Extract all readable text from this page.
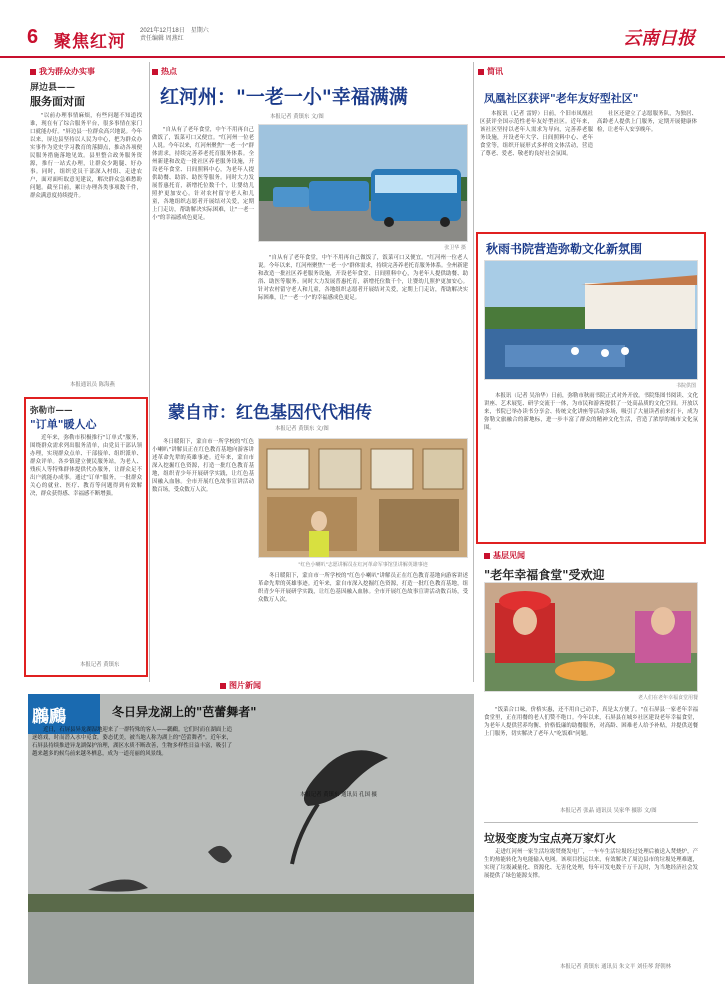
6 聚焦红河
2021年12月18日　星期六
责任编辑 周燕红	云南日报
我为群众办实事
屏边县——
服务面对面
"以前办理事情麻烦，有些问题不知道找谁，现在有了综合服务平台，很多事情在家门口就能办好。"屏边县一位群众高兴地说。今年以来，屏边县坚持以人民为中心，把为群众办实事作为党史学习教育的落脚点，推动各项便民服务措施落地见效。县里整合政务服务资源，推行一站式办理，让群众少跑腿、好办事。同时，组织党员干部深入村组、走进农户，面对面听取意见建议，解决群众急难愁盼问题。截至目前，累计办理各类事项数千件，群众满意度持续提升。
本报通讯员 陈海燕
弥勒市——
"订单"暖人心
近年来，弥勒市积极推行"订单式"服务，围绕群众需求列出服务清单，由党员干部认领办理，实现群众点单、干部接单、组织派单、群众评单。各乡镇建立便民服务站，为老人、残疾人等特殊群体提供代办服务，让群众足不出户就能办成事。通过"订单"服务，一批群众关心的就业、医疗、教育等问题得到有效解决，群众获得感、幸福感不断增强。
本报记者 黄镇东
热点
红河州："一老一小"幸福满满
本报记者 黄镇东 文/图
"自从有了老年食堂，中午不用再自己做饭了，饭菜可口又便宜。"红河州一位老人说。今年以来，红河州聚焦"一老一小"群体需求，持续完善养老托育服务体系。全州新建和改造一批社区养老服务设施，开设老年食堂、日间照料中心，为老年人提供助餐、助浴、助医等服务。同时大力发展普惠托育，新增托位数千个，让婴幼儿照护更加安心。针对农村留守老人和儿童，各地组织志愿者开展结对关爱，定期上门走访，帮助解决实际困难，让"一老一小"的幸福感成色更足。
张卫华 摄
"自从有了老年食堂，中午不用再自己做饭了，饭菜可口又便宜。"红河州一位老人说。今年以来，红河州聚焦"一老一小"群体需求，持续完善养老托育服务体系。全州新建和改造一批社区养老服务设施，开设老年食堂、日间照料中心，为老年人提供助餐、助浴、助医等服务。同时大力发展普惠托育，新增托位数千个，让婴幼儿照护更加安心。针对农村留守老人和儿童，各地组织志愿者开展结对关爱，定期上门走访，帮助解决实际困难，让"一老一小"的幸福感成色更足。
蒙自市：红色基因代代相传
本报记者 黄镇东 文/图
冬日暖阳下，蒙自市一所学校的"红色小喇叭"讲解员正在红色教育基地向游客讲述革命先辈的英雄事迹。近年来，蒙自市深入挖掘红色资源，打造一批红色教育基地，组织青少年开展研学实践，让红色基因融入血脉。全市开展红色故事宣讲活动数百场，受众数万人次。
"红色小喇叭"志愿讲解员在红河革命军事馆里讲解英雄事迹
冬日暖阳下，蒙自市一所学校的"红色小喇叭"讲解员正在红色教育基地向游客讲述革命先辈的英雄事迹。近年来，蒙自市深入挖掘红色资源，打造一批红色教育基地，组织青少年开展研学实践，让红色基因融入血脉。全市开展红色故事宣讲活动数百场，受众数万人次。
简讯
凤凰社区获评"老年友好型社区"
本报讯（记者 雷婷）日前，个旧市凤凰社区获评全国示范性老年友好型社区。近年来，该社区坚持以老年人需求为导向，完善养老服务设施，开设老年大学、日间照料中心、老年食堂等，组织开展形式多样的文体活动，营造了尊老、爱老、敬老的良好社会氛围。
社区还建立了志愿服务队，为独居、高龄老人提供上门服务，定期开展健康体检，让老年人安享晚年。
秋雨书院营造弥勒文化新氛围
书院供图
本报讯（记者 吴治华）日前，弥勒市秋雨书院正式对外开放。书院集图书阅读、文化讲座、艺术展览、研学交流于一体，为市民和游客提供了一处高品质的文化空间。开放以来，书院已举办读书分享会、传统文化讲座等活动多场，吸引了大量读者前来打卡，成为弥勒文旅融合的新地标，进一步丰富了群众的精神文化生活，营造了浓厚的城市文化氛围。
基层见闻
"老年幸福食堂"受欢迎
老人们在老年幸福食堂用餐
"饭菜合口味，价格实惠，还不用自己动手，真是太方便了。"在石屏县一家老年幸福食堂里，正在用餐的老人们赞不绝口。今年以来，石屏县在城乡社区建设老年幸福食堂，为老年人提供营养均衡、价格低廉的助餐服务，对高龄、困难老人给予补贴，并提供送餐上门服务，切实解决了老年人"吃饭难"问题。
本报记者 张晶 通讯员 吴家华 摄影 文/图
垃圾变废为宝点亮万家灯火
走进红河州一家生活垃圾焚烧发电厂，一车车生活垃圾经过处理后被送入焚烧炉，产生的热能转化为电能输入电网。该项目投运以来，有效解决了周边县市的垃圾处理难题，实现了垃圾减量化、资源化、无害化处理，每年可发电数千万千瓦时，为当地经济社会发展提供了绿色能源支撑。
本报记者 黄镇东 通讯员 朱文平 刘佳琴 舒朝林
图片新闻
鸊鷉	冬日异龙湖上的"芭蕾舞者"
近日，石屏县异龙湖湿地迎来了一群特殊的客人——鸊鷉。它们时而在湖面上追逐嬉戏，时而潜入水中觅食，姿态优美，被当地人称为湖上的"芭蕾舞者"。近年来，石屏县持续推进异龙湖保护治理，湖区水质不断改善，生物多样性日益丰富，吸引了越来越多的候鸟前来越冬栖息，成为一道亮丽的风景线。
本报记者 黄镇东 通讯员 孔国 摄
